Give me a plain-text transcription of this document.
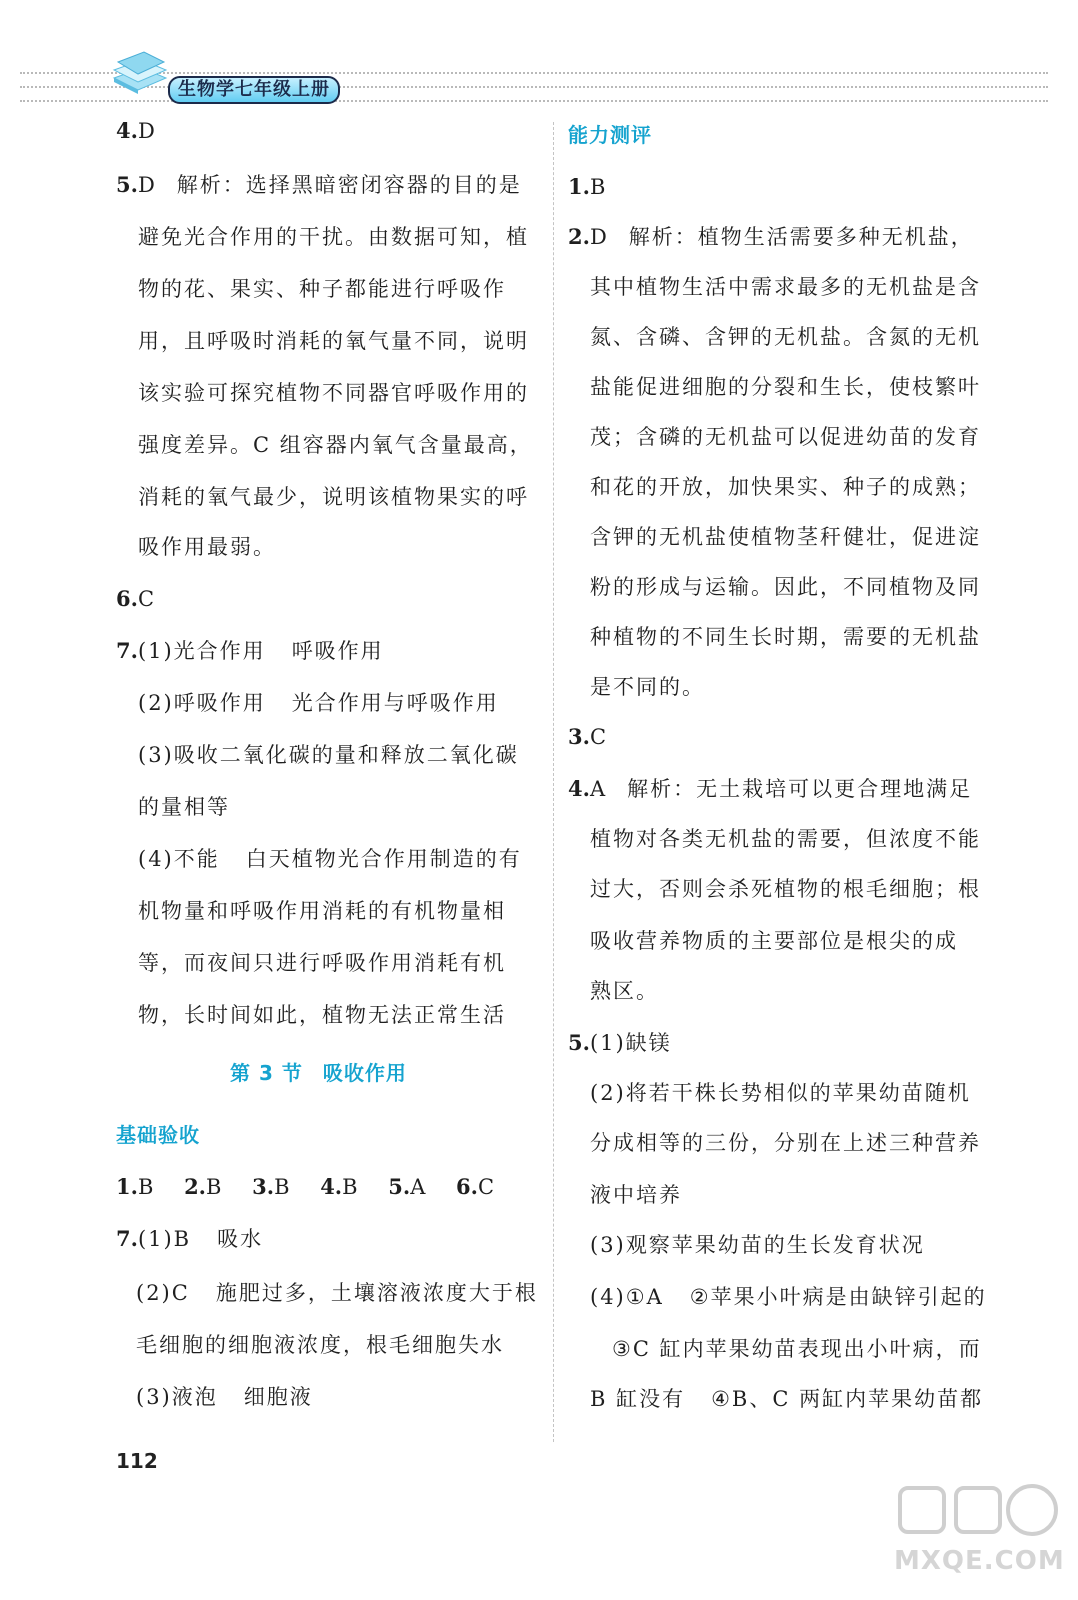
生物学七年级上册
4.D
5.D 解析：选择黑暗密闭容器的目的是
避免光合作用的干扰。由数据可知，植
物的花、果实、种子都能进行呼吸作
用，且呼吸时消耗的氧气量不同，说明
该实验可探究植物不同器官呼吸作用的
强度差异。C 组容器内氧气含量最高，
消耗的氧气最少，说明该植物果实的呼
吸作用最弱。
6.C
7.(1)光合作用 呼吸作用
(2)呼吸作用 光合作用与呼吸作用
(3)吸收二氧化碳的量和释放二氧化碳
的量相等
(4)不能 白天植物光合作用制造的有
机物量和呼吸作用消耗的有机物量相
等，而夜间只进行呼吸作用消耗有机
物，长时间如此，植物无法正常生活
第 3 节 吸收作用
基础验收
1.B 2.B 3.B 4.B 5.A 6.C
7.(1)B 吸水
(2)C 施肥过多，土壤溶液浓度大于根
毛细胞的细胞液浓度，根毛细胞失水
(3)液泡 细胞液
能力测评
1.B
2.D 解析：植物生活需要多种无机盐，
其中植物生活中需求最多的无机盐是含
氮、含磷、含钾的无机盐。含氮的无机
盐能促进细胞的分裂和生长，使枝繁叶
茂；含磷的无机盐可以促进幼苗的发育
和花的开放，加快果实、种子的成熟；
含钾的无机盐使植物茎秆健壮，促进淀
粉的形成与运输。因此，不同植物及同
种植物的不同生长时期，需要的无机盐
是不同的。
3.C
4.A 解析：无土栽培可以更合理地满足
植物对各类无机盐的需要，但浓度不能
过大，否则会杀死植物的根毛细胞；根
吸收营养物质的主要部位是根尖的成
熟区。
5.(1)缺镁
(2)将若干株长势相似的苹果幼苗随机
分成相等的三份，分别在上述三种营养
液中培养
(3)观察苹果幼苗的生长发育状况
(4)①A ②苹果小叶病是由缺锌引起的
③C 缸内苹果幼苗表现出小叶病，而
B 缸没有 ④B、C 两缸内苹果幼苗都
112
MXQE.COM
